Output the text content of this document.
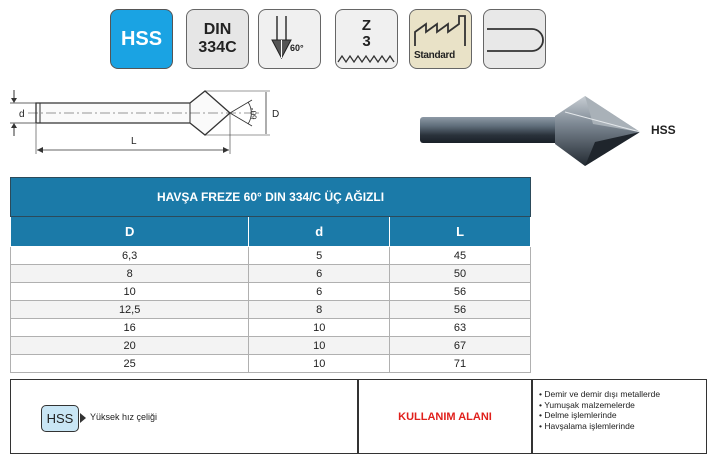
HSS	DIN
334C	60°
Z
3
Standard
d	D
L
60°
HSS
HAVŞA FREZE 60° DIN 334/C ÜÇ AĞIZLI		
D	d	L
6,3	5	45
8	6	50
10	6	56
12,5	8	56
16	10	63
20	10	67
25	10	71
HSS Yüksek hız çeliği	KULLANIM ALANI
• Demir ve demir dışı metallerde
• Yumuşak malzemelerde
• Delme işlemlerinde
• Havşalama işlemlerinde
